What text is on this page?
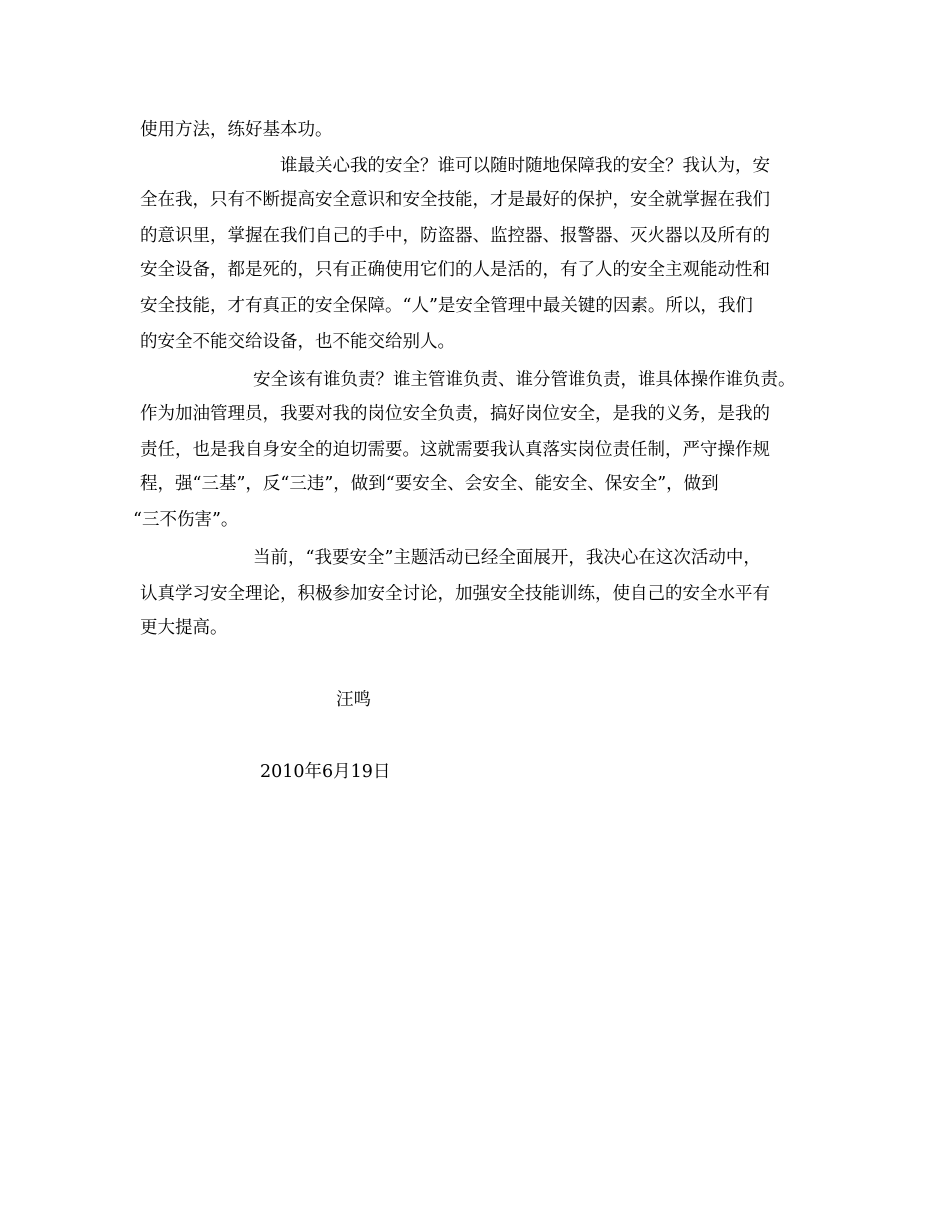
使用方法，练好基本功。
谁最关心我的安全？谁可以随时随地保障我的安全？我认为，安
全在我，只有不断提高安全意识和安全技能，才是最好的保护，安全就掌握在我们
的意识里，掌握在我们自己的手中，防盗器、监控器、报警器、灭火器以及所有的
安全设备，都是死的，只有正确使用它们的人是活的，有了人的安全主观能动性和
安全技能，才有真正的安全保障。“人”是安全管理中最关键的因素。所以，我们
的安全不能交给设备，也不能交给别人。
安全该有谁负责？谁主管谁负责、谁分管谁负责，谁具体操作谁负责。
作为加油管理员，我要对我的岗位安全负责，搞好岗位安全，是我的义务，是我的
责任，也是我自身安全的迫切需要。这就需要我认真落实岗位责任制，严守操作规
程，强“三基”，反“三违”，做到“要安全、会安全、能安全、保安全”，做到
“三不伤害”。
当前，“我要安全”主题活动已经全面展开，我决心在这次活动中，
认真学习安全理论，积极参加安全讨论，加强安全技能训练，使自己的安全水平有
更大提高。
汪鸣
2010年6月19日
